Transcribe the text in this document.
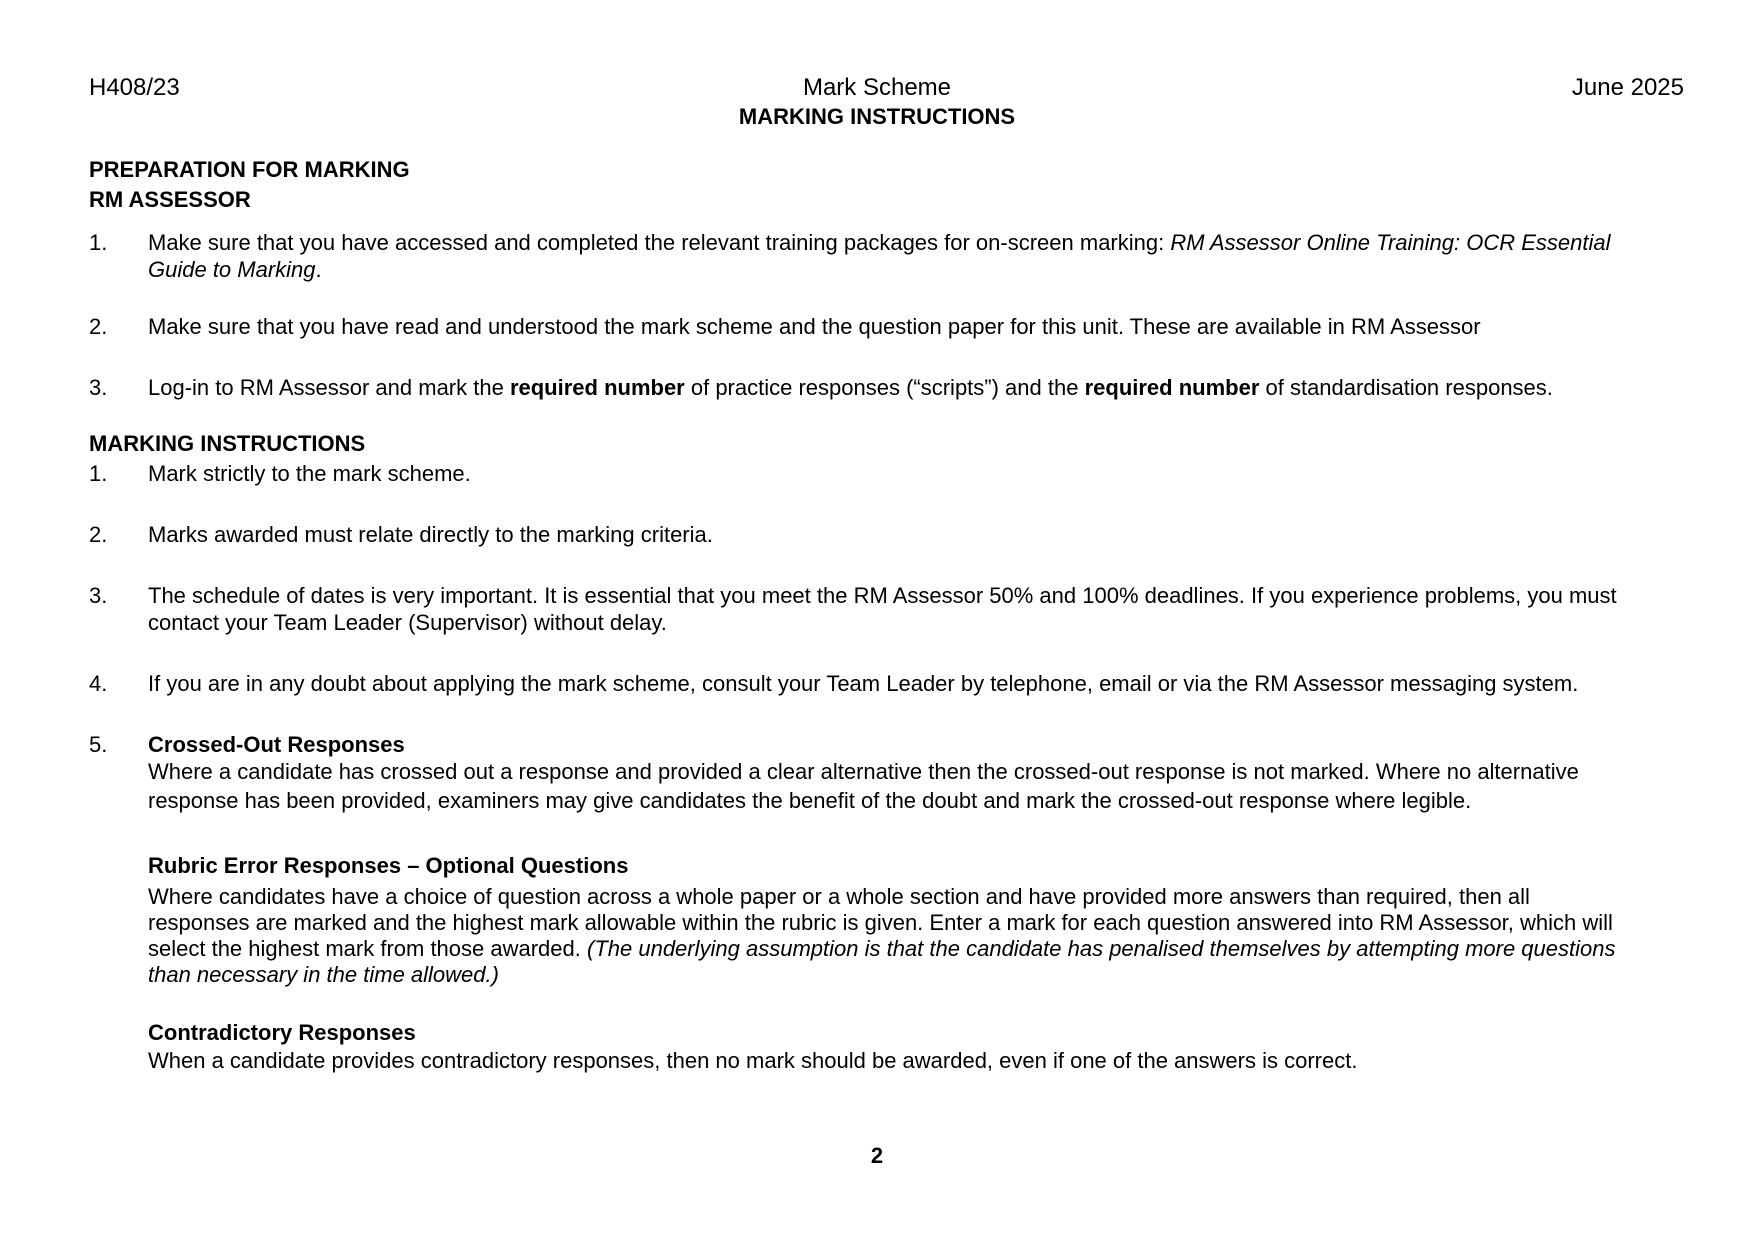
H408/23	Mark Scheme	June 2025
MARKING INSTRUCTIONS
PREPARATION FOR MARKING
RM ASSESSOR
1.	Make sure that you have accessed and completed the relevant training packages for on-screen marking: RM Assessor Online Training: OCR Essential
Guide to Marking.
2.	Make sure that you have read and understood the mark scheme and the question paper for this unit. These are available in RM Assessor
3.	Log-in to RM Assessor and mark the required number of practice responses (“scripts”) and the required number of standardisation responses.
MARKING INSTRUCTIONS
1.	Mark strictly to the mark scheme.
2.	Marks awarded must relate directly to the marking criteria.
3.	The schedule of dates is very important. It is essential that you meet the RM Assessor 50% and 100% deadlines. If you experience problems, you must
contact your Team Leader (Supervisor) without delay.
4.	If you are in any doubt about applying the mark scheme, consult your Team Leader by telephone, email or via the RM Assessor messaging system.
5.	Crossed-Out Responses
Where a candidate has crossed out a response and provided a clear alternative then the crossed-out response is not marked. Where no alternative
response has been provided, examiners may give candidates the benefit of the doubt and mark the crossed-out response where legible.
Rubric Error Responses – Optional Questions
Where candidates have a choice of question across a whole paper or a whole section and have provided more answers than required, then all
responses are marked and the highest mark allowable within the rubric is given. Enter a mark for each question answered into RM Assessor, which will
select the highest mark from those awarded. (The underlying assumption is that the candidate has penalised themselves by attempting more questions
than necessary in the time allowed.)
Contradictory Responses
When a candidate provides contradictory responses, then no mark should be awarded, even if one of the answers is correct.
2
